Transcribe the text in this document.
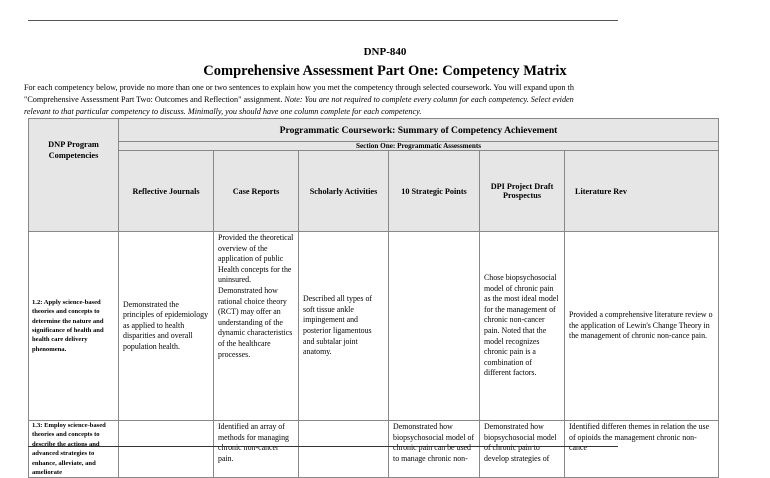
DNP-840
Comprehensive Assessment Part One: Competency Matrix
For each competency below, provide no more than one or two sentences to explain how you met the competency through selected coursework. You will expand upon th
"Comprehensive Assessment Part Two: Outcomes and Reflection" assignment. Note: You are not required to complete every column for each competency. Select eviden
relevant to that particular competency to discuss. Minimally, you should have one column complete for each competency.
DNP Program Competencies	Programmatic Coursework: Summary of Competency Achievement					
	Section One: Programmatic Assessments					
	Reflective Journals	Case Reports	Scholarly Activities	10 Strategic Points	DPI Project Draft Prospectus	Literature Rev
1.2: Apply science-based theories and concepts to determine the nature and significance of health and health care delivery phenomena.	Demonstrated the principles of epidemiology as applied to health disparities and overall population health.	Provided the theoretical overview of the application of public Health concepts for the uninsured. Demonstrated how rational choice theory (RCT) may offer an understanding of the dynamic characteristics of the healthcare processes.	Described all types of soft tissue ankle impingement and posterior ligamentous and subtalar joint anatomy.		Chose biopsychosocial model of chronic pain as the most ideal model for the management of chronic non-cancer pain. Noted that the model recognizes chronic pain is a combination of different factors.	Provided a comprehensive literature review o the application of Lewin's Change Theory in the management of chronic non-cance pain.
1.3: Employ science-based theories and concepts to describe the actions and advanced strategies to enhance, alleviate, and ameliorate		Identified an array of methods for managing chronic non-cancer pain.		Demonstrated how biopsychosocial model of chronic pain can be used to manage chronic non-	Demonstrated how biopsychosocial model of chronic pain to develop strategies of	Identified differen themes in relation the use of opioids the management chronic non-cance
